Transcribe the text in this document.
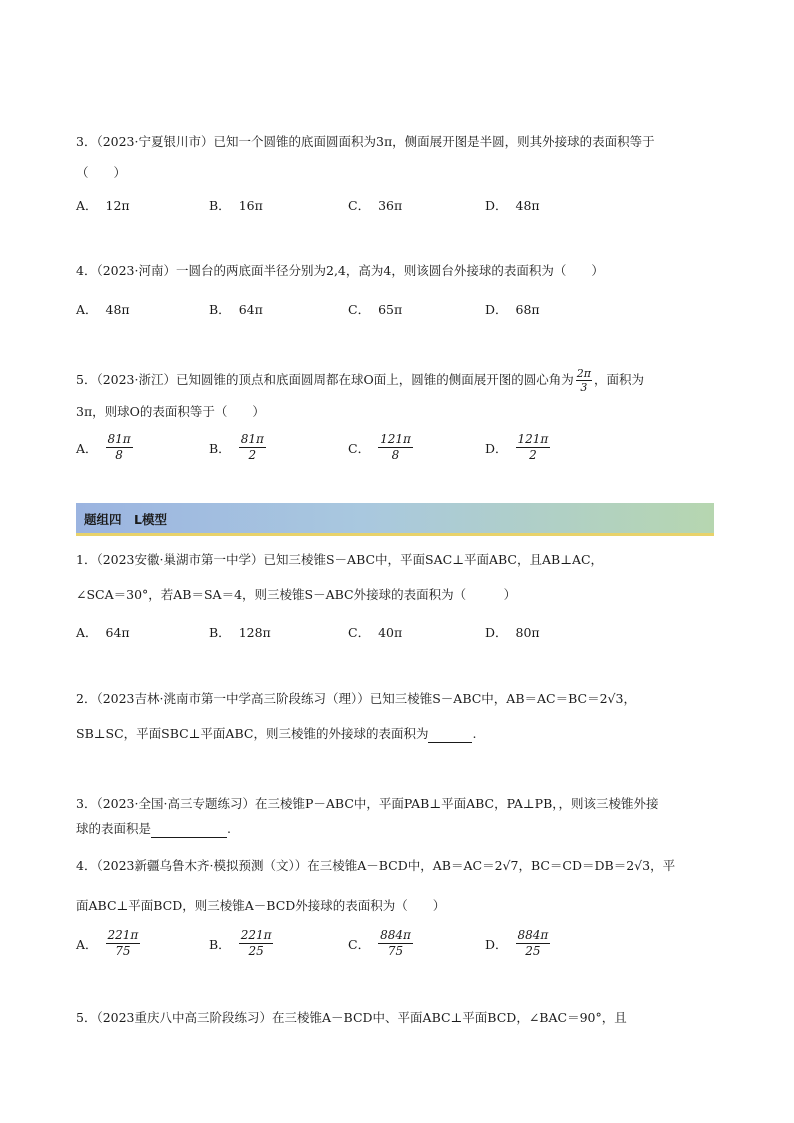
3．（2023·宁夏银川市）已知一个圆锥的底面圆面积为3π，侧面展开图是半圆，则其外接球的表面积等于
（　　）
A． 12π	B． 16π	C． 36π	D． 48π
4．（2023·河南）一圆台的两底面半径分别为2,4，高为4，则该圆台外接球的表面积为（　　）
A． 48π	B． 64π	C． 65π	D． 68π
5．（2023·浙江）已知圆锥的顶点和底面圆周都在球O面上，圆锥的侧面展开图的圆心角为 $\frac{2\pi}{3}$ ，面积为
3π，则球O的表面积等于（　　）
A． $\frac{81\pi}{8}$	B． $\frac{81\pi}{2}$	C． $\frac{121\pi}{8}$	D． $\frac{121\pi}{2}$
题组四　L模型
1．（2023安徽·巢湖市第一中学）已知三棱锥S－ABC中，平面SAC⊥平面ABC，且AB⊥AC，
∠SCA＝30°，若AB＝SA＝4，则三棱锥S－ABC外接球的表面积为（　　　）
A． 64π	B． 128π	C． 40π	D． 80π
2．（2023吉林·洮南市第一中学高三阶段练习（理））已知三棱锥S－ABC中，AB＝AC＝BC＝2√3，
SB⊥SC，平面SBC⊥平面ABC，则三棱锥的外接球的表面积为	.
3．（2023·全国·高三专题练习）在三棱锥P－ABC中，平面PAB⊥平面ABC，PA⊥PB，，则该三棱锥外接
球的表面积是	.
4．（2023新疆乌鲁木齐·模拟预测（文））在三棱锥A－BCD中，AB＝AC＝2√7，BC＝CD＝DB＝2√3，平
面ABC⊥平面BCD，则三棱锥A－BCD外接球的表面积为（　　）
A． $\frac{221\pi}{75}$	B． $\frac{221\pi}{25}$	C． $\frac{884\pi}{75}$	D． $\frac{884\pi}{25}$
5．（2023重庆八中高三阶段练习）在三棱锥A－BCD中、平面ABC⊥平面BCD，∠BAC＝90°，且
